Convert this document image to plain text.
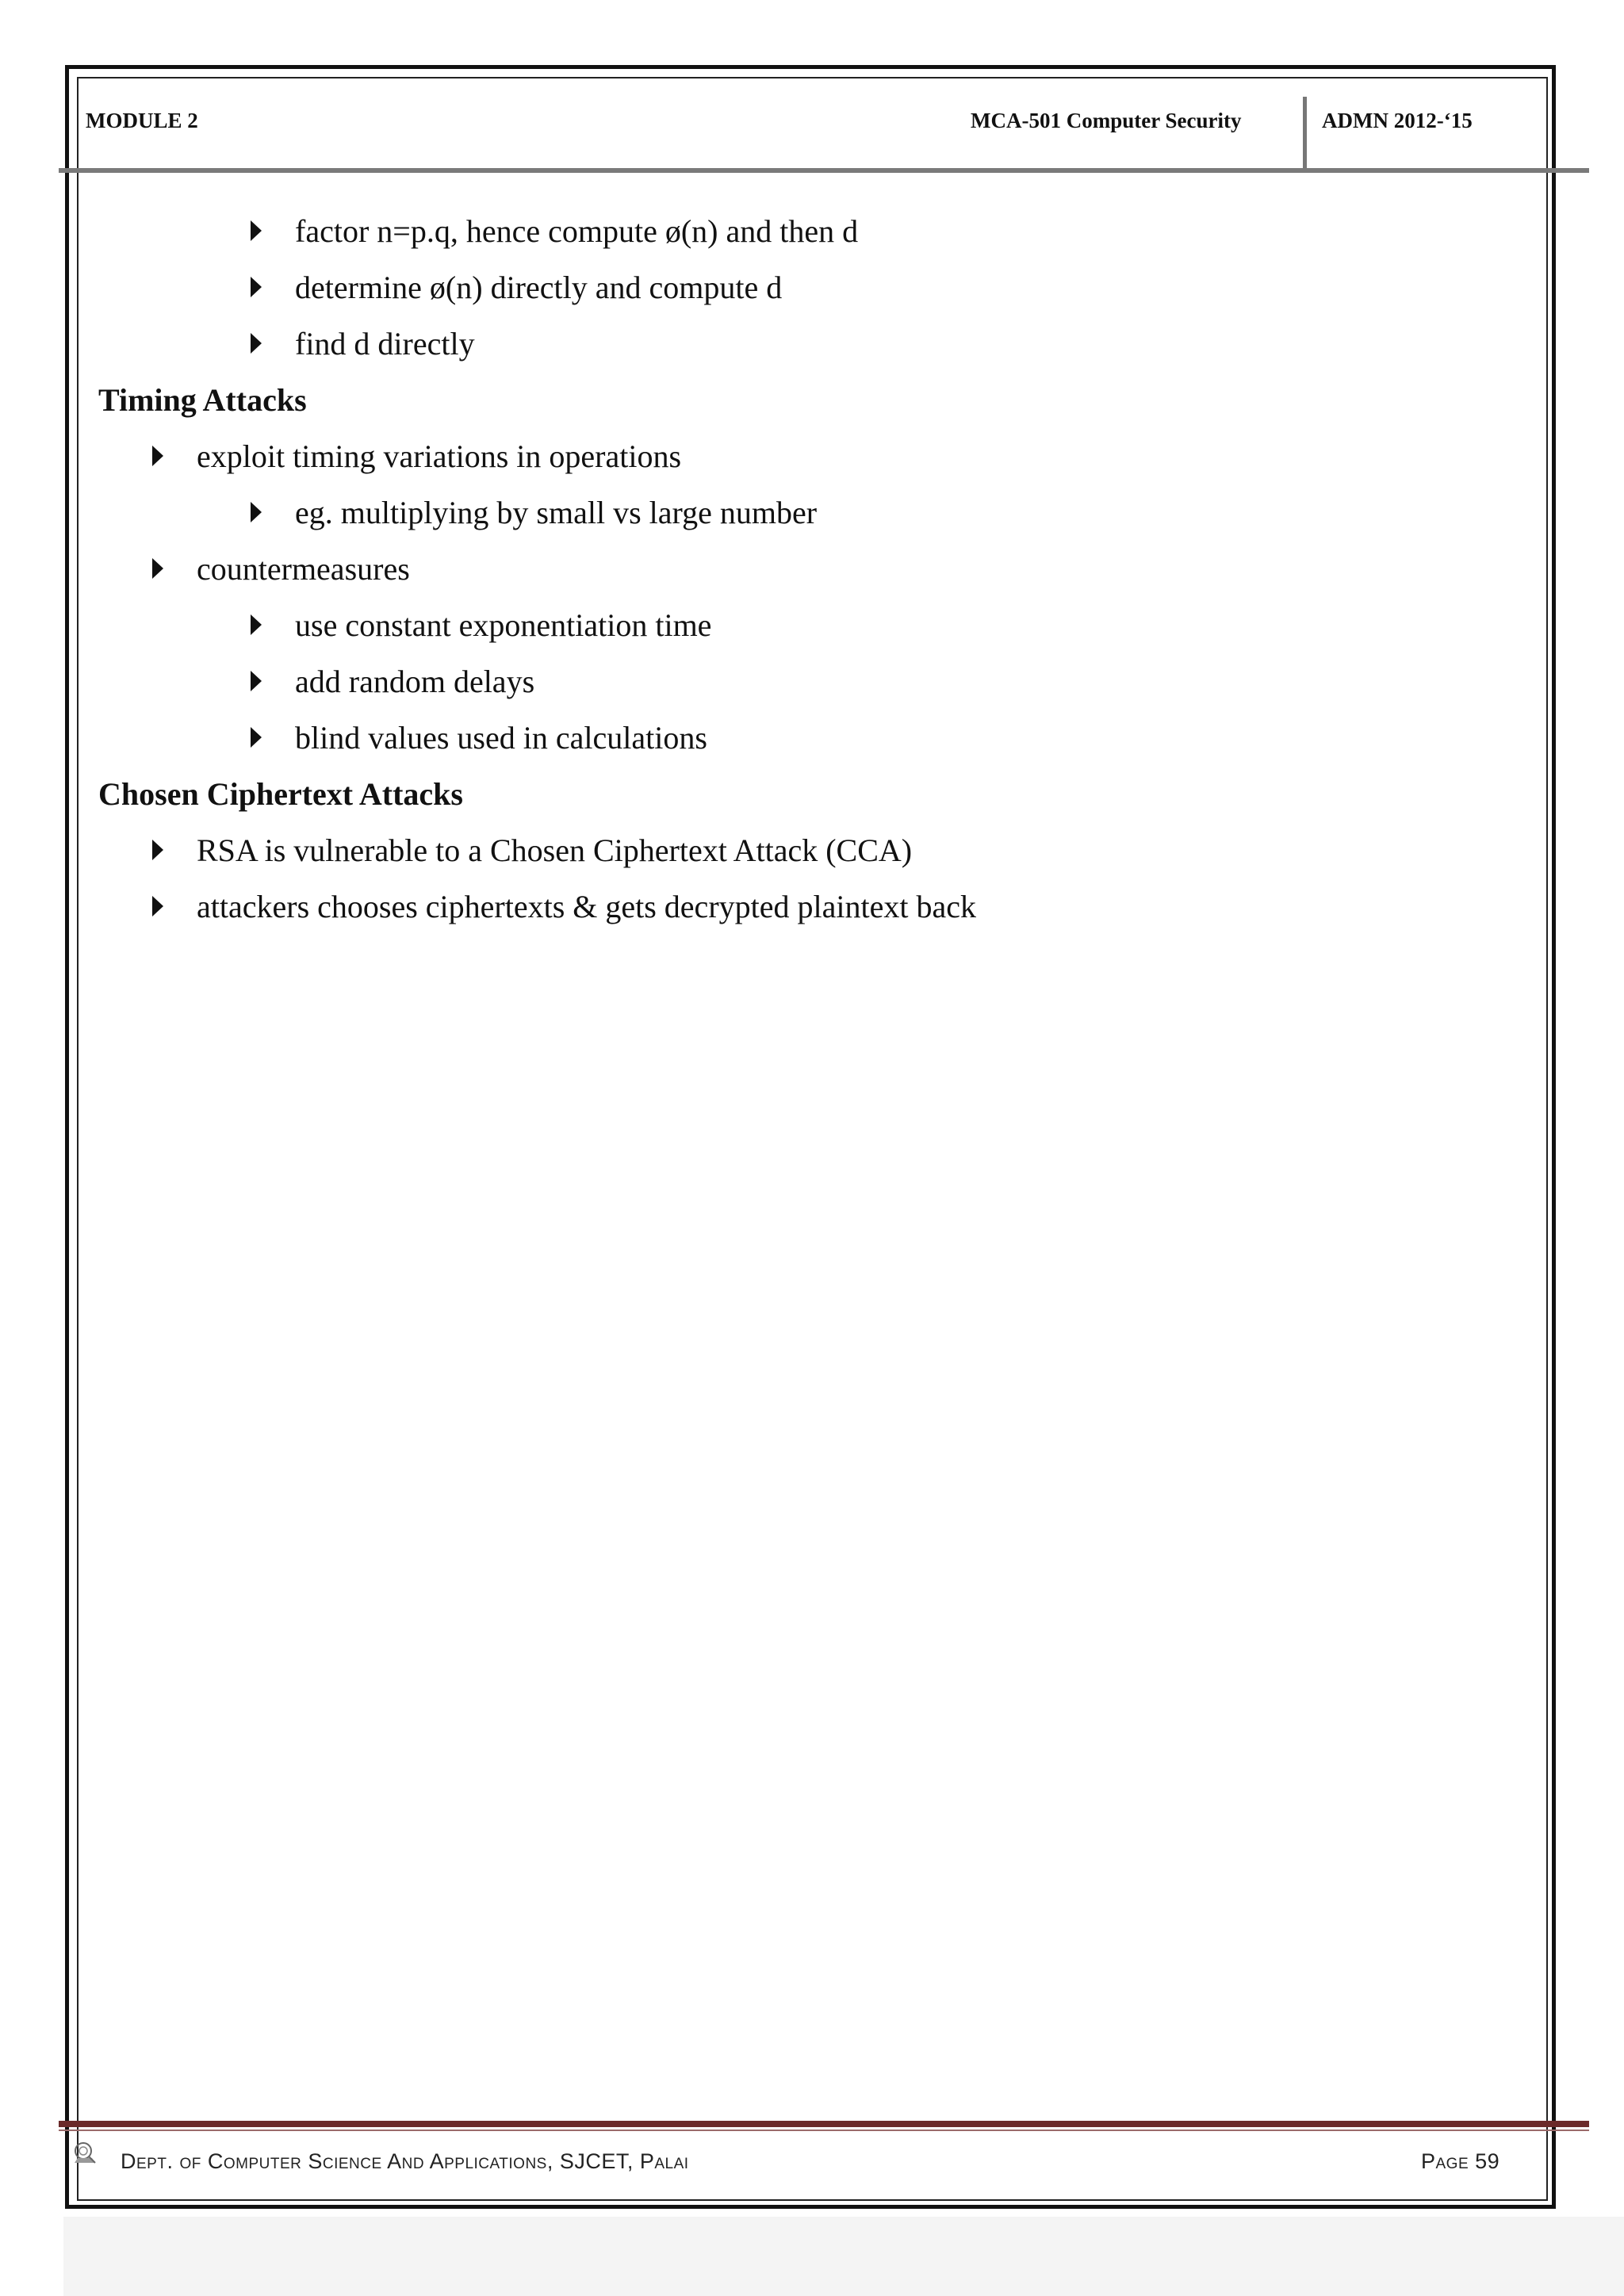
MODULE 2	MCA-501 Computer Security	ADMN 2012-‘15
factor n=p.q, hence compute ø(n) and then d
determine ø(n) directly and compute d
find d directly
Timing Attacks
exploit timing variations in operations
eg. multiplying by small vs large number
countermeasures
use constant exponentiation time
add random delays
blind values used in calculations
Chosen Ciphertext Attacks
RSA is vulnerable to a Chosen Ciphertext Attack (CCA)
attackers chooses ciphertexts & gets decrypted plaintext back
Dept. of Computer Science And Applications, SJCET, Palai	Page 59
